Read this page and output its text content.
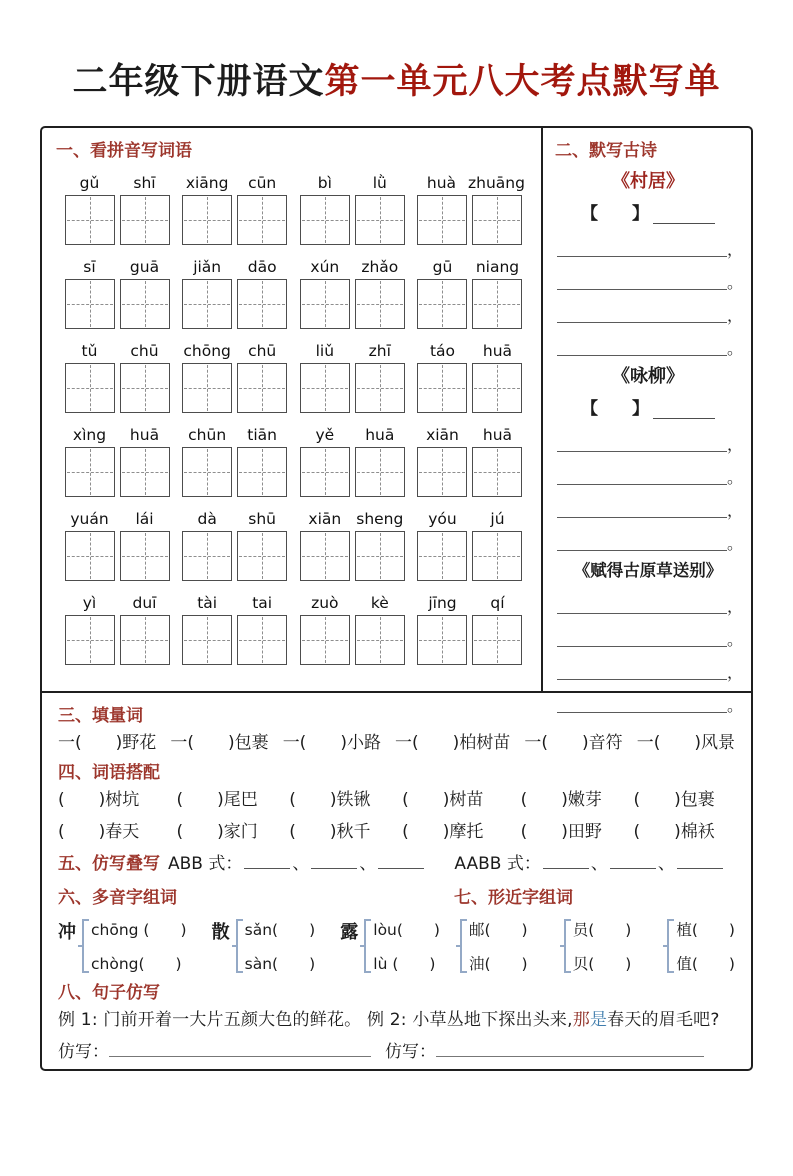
二年级下册语文第一单元八大考点默写单
一、看拼音写词语
gǔ	shī	xiāng	cūn	bì	lǜ	huà zhuāng
sī	guā	jiǎn	dāo	xún	zhǎo	gū	niang
tǔ	chū	chōng	chū	liǔ	zhī	táo	huā
xìng	huā	chūn	tiān	yě	huā	xiān	huā
yuán	lái	dà	shū	xiān sheng	yóu	jú
yì	duī	tài	tai	zuò	kè	jīng	qí
二、默写古诗
《村居》
【　　】
，
。
，
。
《咏柳》
【　　】
，
。
，
。
《赋得古原草送别》
，
。
，
。
三、填量词
一(　　)野花 一(　　)包裹 一(　　)小路 一(　　)柏树苗 一(　　)音符 一(　　)风景
四、词语搭配
(　　)树坑	(　　)尾巴	(　　)铁锹	(　　)树苗	(　　)嫩芽	(　　)包裹
(　　)春天	(　　)家门	(　　)秋千	(　　)摩托	(　　)田野	(　　)棉袄
五、仿写叠写 ABB 式：	、	、	AABB 式：	、	、
六、多音字组词	七、形近字组词
冲 chōng (　　)
chòng(　　)
散 sǎn(　　)
sàn(　　)
露 lòu(　　)
lù (　　)
邮(　　)
油(　　)
员(　　)
贝(　　)
植(　　)
值(　　)
八、句子仿写
例 1: 门前开着一大片五颜大色的鲜花。 例 2: 小草丛地下探出头来,那是春天的眉毛吧?
仿写：	仿写：
